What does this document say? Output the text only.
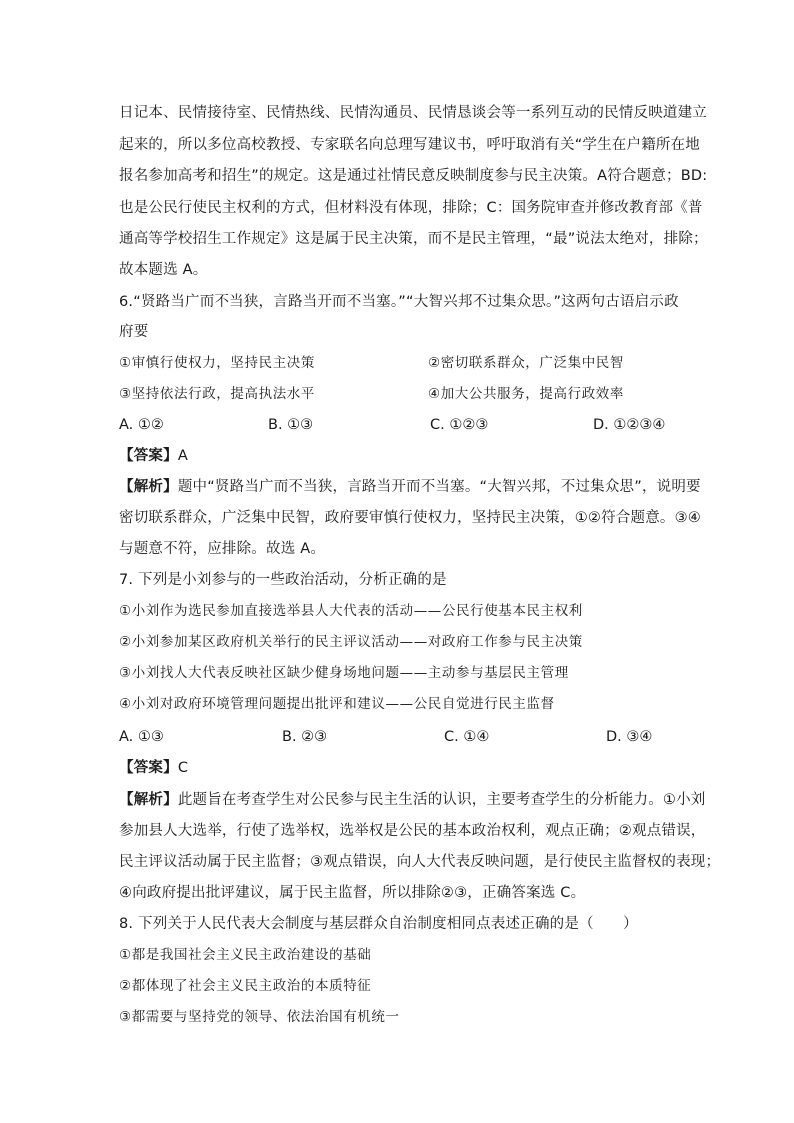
日记本、民情接待室、民情热线、民情沟通员、民情恳谈会等一系列互动的民情反映道建立
起来的，所以多位高校教授、专家联名向总理写建议书，呼吁取消有关“学生在户籍所在地
报名参加高考和招生”的规定。这是通过社情民意反映制度参与民主决策。A符合题意；BD:
也是公民行使民主权利的方式，但材料没有体现，排除；C：国务院审查并修改教育部《普
通高等学校招生工作规定》这是属于民主决策，而不是民主管理，“最”说法太绝对，排除；
故本题选 A。
6.“贤路当广而不当狭，言路当开而不当塞。”“大智兴邦不过集众思。”这两句古语启示政
府要
①审慎行使权力，坚持民主决策	②密切联系群众，广泛集中民智
③坚持依法行政，提高执法水平	④加大公共服务，提高行政效率
A. ①②	B. ①③	C. ①②③	D. ①②③④
【答案】A
【解析】题中“贤路当广而不当狭，言路当开而不当塞。“大智兴邦，不过集众思”，说明要
密切联系群众，广泛集中民智，政府要审慎行使权力，坚持民主决策，①②符合题意。③④
与题意不符，应排除。故选 A。
7. 下列是小刘参与的一些政治活动，分析正确的是
①小刘作为选民参加直接选举县人大代表的活动——公民行使基本民主权利
②小刘参加某区政府机关举行的民主评议活动——对政府工作参与民主决策
③小刘找人大代表反映社区缺少健身场地问题——主动参与基层民主管理
④小刘对政府环境管理问题提出批评和建议——公民自觉进行民主监督
A. ①③	B. ②③	C. ①④	D. ③④
【答案】C
【解析】此题旨在考查学生对公民参与民主生活的认识，主要考查学生的分析能力。①小刘
参加县人大选举，行使了选举权，选举权是公民的基本政治权利，观点正确；②观点错误，
民主评议活动属于民主监督；③观点错误，向人大代表反映问题，是行使民主监督权的表现；
④向政府提出批评建议，属于民主监督，所以排除②③，正确答案选 C。
8. 下列关于人民代表大会制度与基层群众自治制度相同点表述正确的是（　　）
①都是我国社会主义民主政治建设的基础
②都体现了社会主义民主政治的本质特征
③都需要与坚持党的领导、依法治国有机统一
